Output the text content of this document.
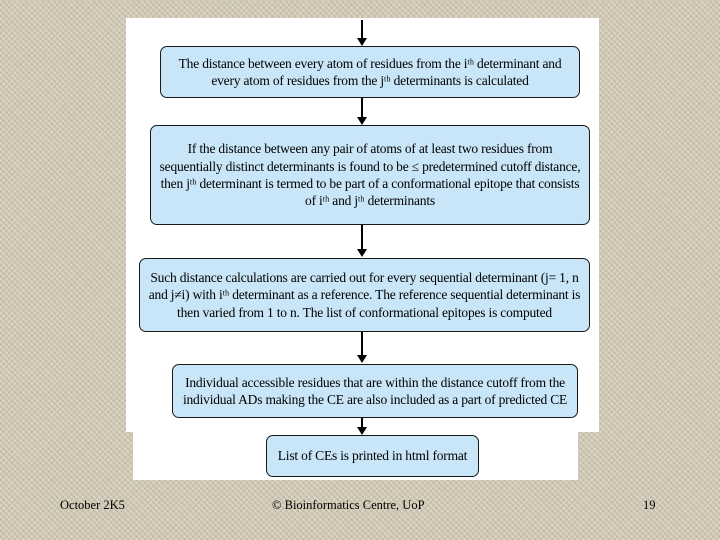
The distance between every atom of residues from the iᵗʰ determinant and
every atom of residues from the jᵗʰ determinants is calculated
If the distance between any pair of atoms of at least two residues from
sequentially distinct determinants is found to be ≤ predetermined cutoff distance,
then jᵗʰ determinant is termed to be part of a conformational epitope that consists
of iᵗʰ and jᵗʰ determinants
Such distance calculations are carried out for every sequential determinant (j= 1, n
and j≠i) with iᵗʰ determinant as a reference. The reference sequential determinant is
then varied from 1 to n. The list of conformational epitopes is computed
Individual accessible residues that are within the distance cutoff from the
individual ADs making the CE are also included as a part of predicted CE
List of CEs is printed in html format
October 2K5	© Bioinformatics Centre, UoP	19
